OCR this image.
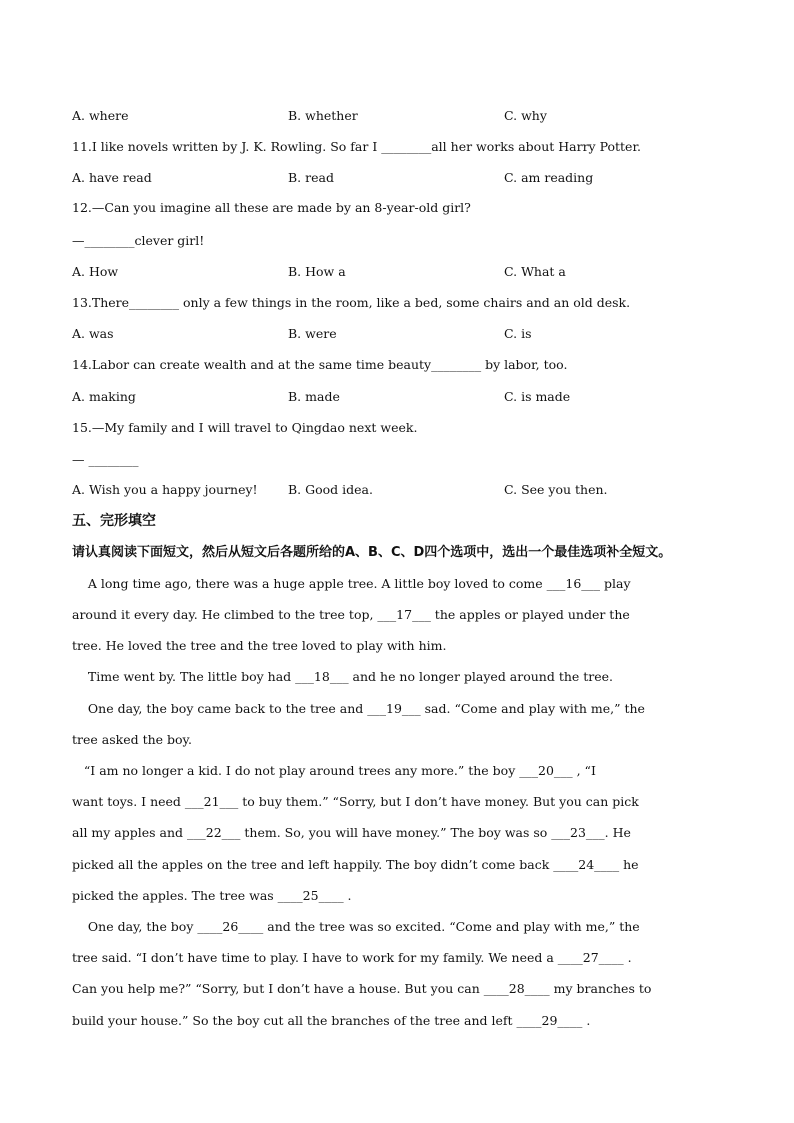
A. where	B. whether	C. why
11.I like novels written by J. K. Rowling. So far I ________all her works about Harry Potter.
A. have read	B. read	C. am reading
12.—Can you imagine all these are made by an 8-year-old girl?
—________clever girl!
A. How	B. How a	C. What a
13.There________ only a few things in the room, like a bed, some chairs and an old desk.
A. was	B. were	C. is
14.Labor can create wealth and at the same time beauty________ by labor, too.
A. making	B. made	C. is made
15.—My family and I will travel to Qingdao next week.
— ________
A. Wish you a happy journey! B. Good idea.	C. See you then.
五、完形填空
请认真阅读下面短文，然后从短文后各题所给的A、B、C、D四个选项中，选出一个最佳选项补全短文。
A long time ago, there was a huge apple tree. A little boy loved to come ___16___ play
around it every day. He climbed to the tree top, ___17___ the apples or played under the
tree. He loved the tree and the tree loved to play with him.
Time went by. The little boy had ___18___ and he no longer played around the tree.
One day, the boy came back to the tree and ___19___ sad. “Come and play with me,” the
tree asked the boy.
“I am no longer a kid. I do not play around trees any more.” the boy ___20___ , “I
want toys. I need ___21___ to buy them.” “Sorry, but I don’t have money. But you can pick
all my apples and ___22___ them. So, you will have money.” The boy was so ___23___. He
picked all the apples on the tree and left happily. The boy didn’t come back ____24____ he
picked the apples. The tree was ____25____ .
One day, the boy ____26____ and the tree was so excited. “Come and play with me,” the
tree said. “I don’t have time to play. I have to work for my family. We need a ____27____ .
Can you help me?” “Sorry, but I don’t have a house. But you can ____28____ my branches to
build your house.” So the boy cut all the branches of the tree and left ____29____ .
